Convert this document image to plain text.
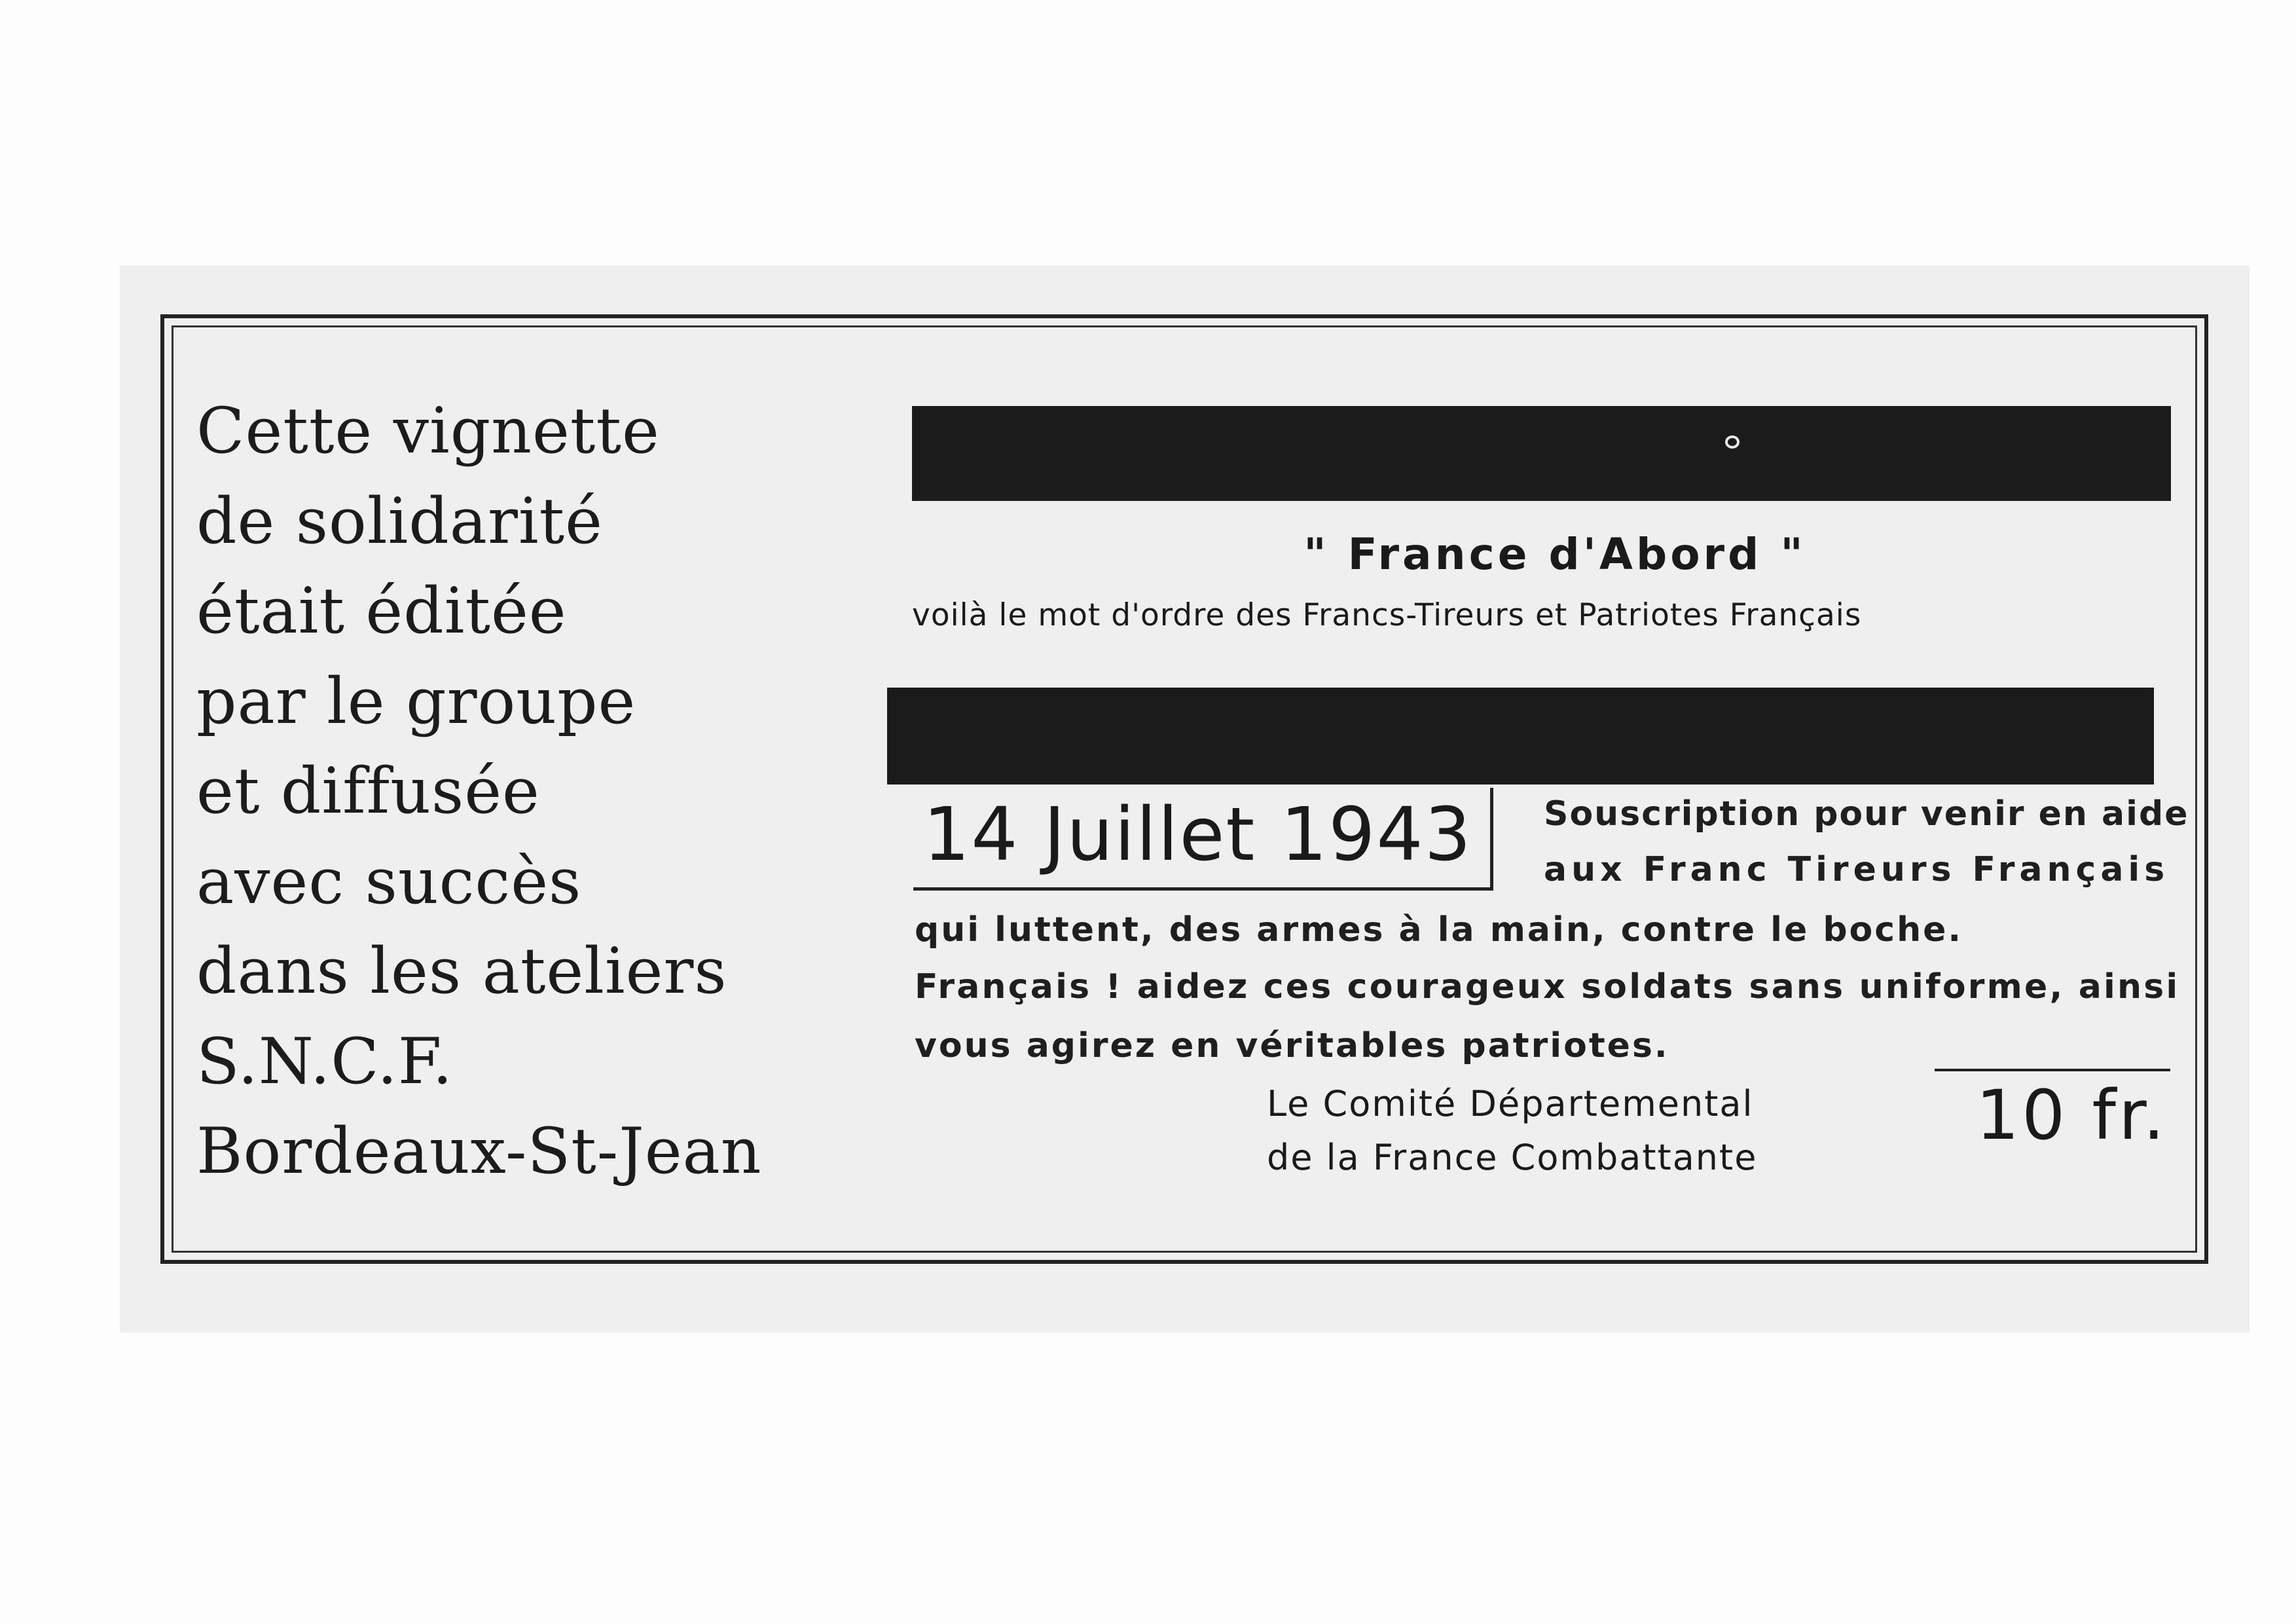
Cette vignette
de solidarité
était éditée
par le groupe
et diffusée
avec succès
dans les ateliers
S.N.C.F.
Bordeaux-St-Jean
" France d'Abord "
voilà le mot d'ordre des Francs-Tireurs et Patriotes Français
14 Juillet 1943 Souscription pour venir en aide
aux Franc Tireurs Français
qui luttent, des armes à la main, contre le boche.
Français ! aidez ces courageux soldats sans uniforme, ainsi
vous agirez en véritables patriotes.
Le Comité Départemental
de la France Combattante
10 fr.
